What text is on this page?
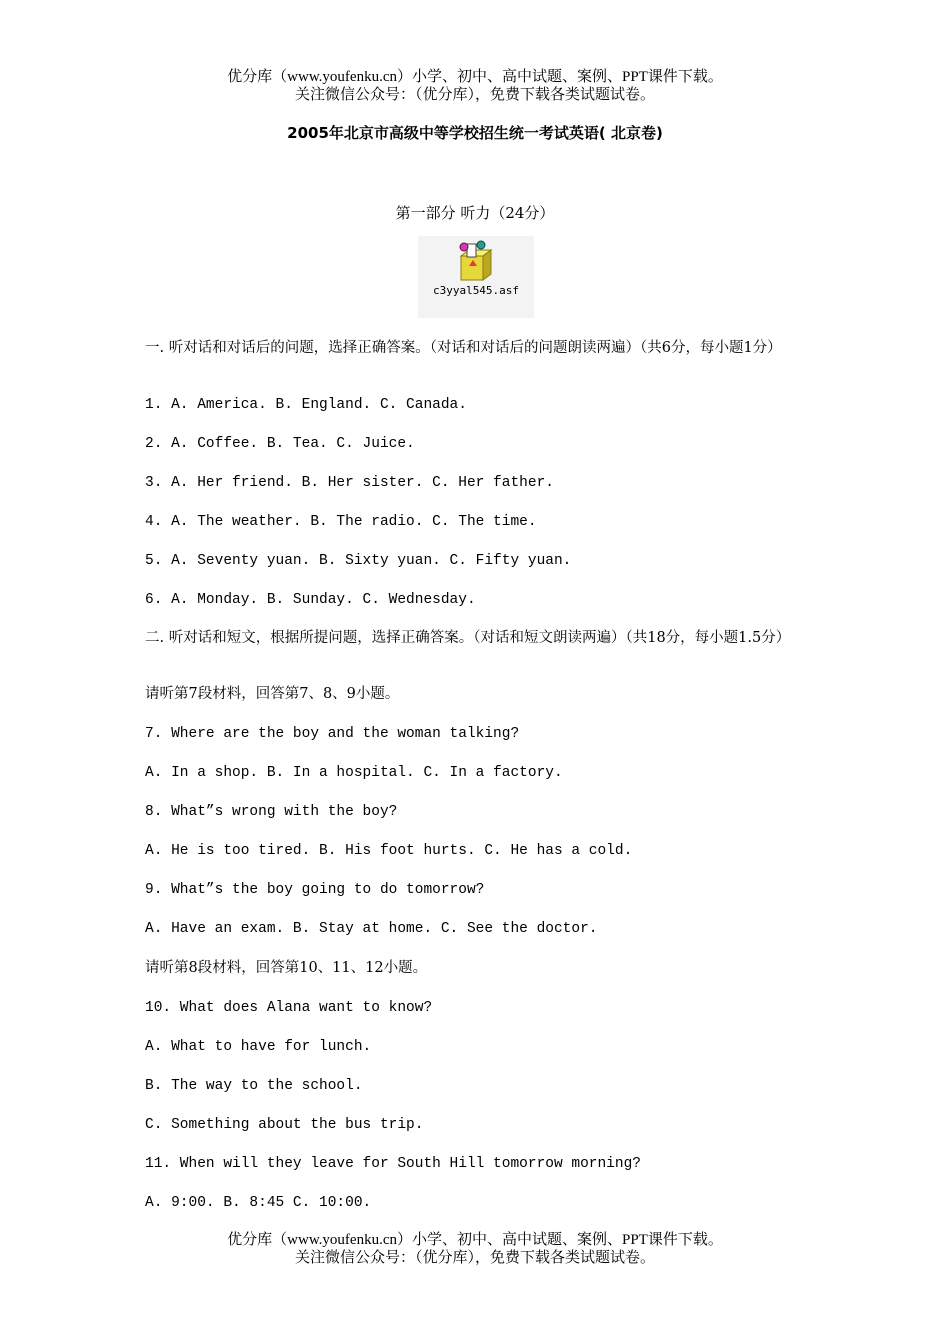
优分库（www.youfenku.cn）小学、初中、高中试题、案例、PPT课件下载。
关注微信公众号：（优分库），免费下载各类试题试卷。
2005年北京市高级中等学校招生统一考试英语( 北京卷)
第一部分 听力（24分）
c3yyal545.asf

一. 听对话和对话后的问题，选择正确答案。（对话和对话后的问题朗读两遍）（共6分，每小题1分）

1. A. America. B. England. C. Canada.

2. A. Coffee. B. Tea. C. Juice.

3. A. Her friend. B. Her sister. C. Her father.

4. A. The weather. B. The radio. C. The time.

5. A. Seventy yuan. B. Sixty yuan. C. Fifty yuan.

6. A. Monday. B. Sunday. C. Wednesday.

二. 听对话和短文，根据所提问题，选择正确答案。（对话和短文朗读两遍）（共18分，每小题1.5分）

请听第7段材料，回答第7、8、9小题。

7. Where are the boy and the woman talking?

A. In a shop. B. In a hospital. C. In a factory.

8. What”s wrong with the boy?

A. He is too tired. B. His foot hurts. C. He has a cold.

9. What”s the boy going to do tomorrow?

A. Have an exam. B. Stay at home. C. See the doctor.

请听第8段材料，回答第10、11、12小题。

10. What does Alana want to know?

A. What to have for lunch.

B. The way to the school.

C. Something about the bus trip.

11. When will they leave for South Hill tomorrow morning?

A. 9:00. B. 8:45 C. 10:00.

优分库（www.youfenku.cn）小学、初中、高中试题、案例、PPT课件下载。
关注微信公众号：（优分库），免费下载各类试题试卷。
